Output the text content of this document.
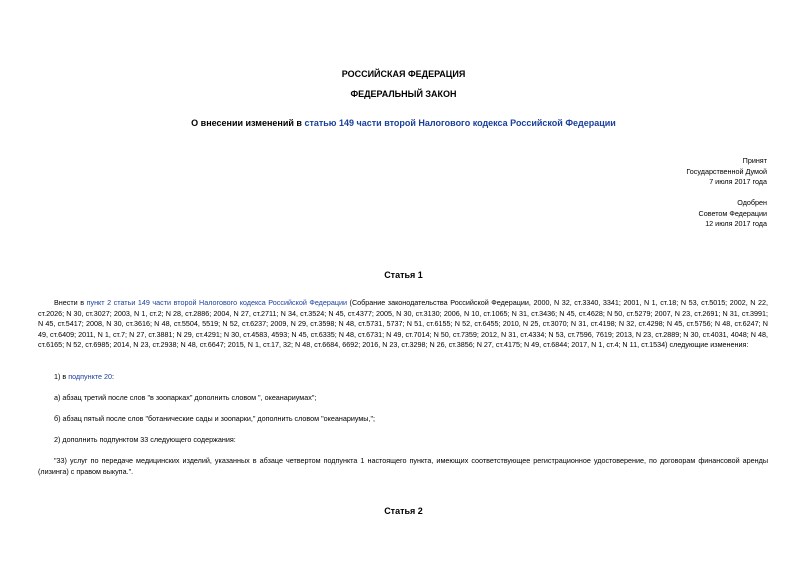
РОССИЙСКАЯ ФЕДЕРАЦИЯ
ФЕДЕРАЛЬНЫЙ ЗАКОН
О внесении изменений в статью 149 части второй Налогового кодекса Российской Федерации
Принят
Государственной Думой
7 июля 2017 года
Одобрен
Советом Федерации
12 июля 2017 года
Статья 1
Внести в пункт 2 статьи 149 части второй Налогового кодекса Российской Федерации (Собрание законодательства Российской Федерации, 2000, N 32, ст.3340, 3341; 2001, N 1, ст.18; N 53, ст.5015; 2002, N 22, ст.2026; N 30, ст.3027; 2003, N 1, ст.2; N 28, ст.2886; 2004, N 27, ст.2711; N 34, ст.3524; N 45, ст.4377; 2005, N 30, ст.3130; 2006, N 10, ст.1065; N 31, ст.3436; N 45, ст.4628; N 50, ст.5279; 2007, N 23, ст.2691; N 31, ст.3991; N 45, ст.5417; 2008, N 30, ст.3616; N 48, ст.5504, 5519; N 52, ст.6237; 2009, N 29, ст.3598; N 48, ст.5731, 5737; N 51, ст.6155; N 52, ст.6455; 2010, N 25, ст.3070; N 31, ст.4198; N 32, ст.4298; N 45, ст.5756; N 48, ст.6247; N 49, ст.6409; 2011, N 1, ст.7; N 27, ст.3881; N 29, ст.4291; N 30, ст.4583, 4593; N 45, ст.6335; N 48, ст.6731; N 49, ст.7014; N 50, ст.7359; 2012, N 31, ст.4334; N 53, ст.7596, 7619; 2013, N 23, ст.2889; N 30, ст.4031, 4048; N 48, ст.6165; N 52, ст.6985; 2014, N 23, ст.2938; N 48, ст.6647; 2015, N 1, ст.17, 32; N 48, ст.6684, 6692; 2016, N 23, ст.3298; N 26, ст.3856; N 27, ст.4175; N 49, ст.6844; 2017, N 1, ст.4; N 11, ст.1534) следующие изменения:
1) в подпункте 20:
а) абзац третий после слов "в зоопарках" дополнить словом ", океанариумах";
б) абзац пятый после слов "ботанические сады и зоопарки," дополнить словом "океанариумы,";
2) дополнить подпунктом 33 следующего содержания:
"33) услуг по передаче медицинских изделий, указанных в абзаце четвертом подпункта 1 настоящего пункта, имеющих соответствующее регистрационное удостоверение, по договорам финансовой аренды (лизинга) с правом выкупа.".
Статья 2
